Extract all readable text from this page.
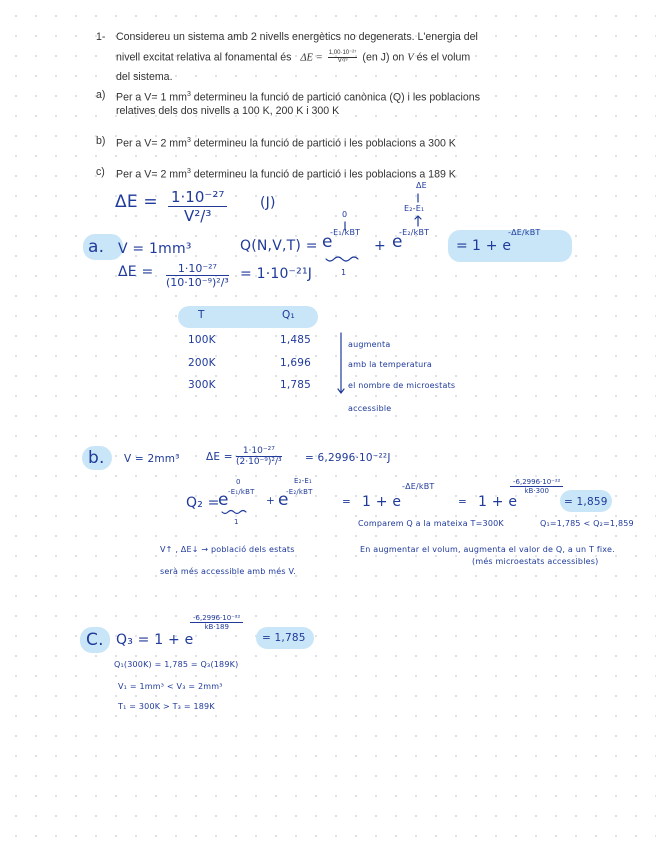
1- Considereu un sistema amb 2 nivells energètics no degenerats. L'energia del
nivell excitat relativa al fonamental és $\Delta E = \frac{\text{1,00·10⁻²⁷}}{\text{V²/³}} (en$ J) on V és el volum
del sistema.
a) Per a V= 1 $mm^3$ determineu la funció de partició canònica (Q) i les poblacions
relatives dels dos nivells a 100 K, 200 K i 300 K
b) Per a V= 2 $mm^3$ determineu la funció de partició i les poblacions a 300 K
c) Per a V= 2 $mm^3$ determineu la funció de partició i les poblacions a 189 K
$\Delta E = \frac{\text{1·10⁻²⁷}}{\text{V²/³}} (J)$
a. V = 1mm³	Q(N,V,T) = e
-E₁/kBT
0
+ e
-E₂/kBT
ΔE
E₂-E₁
= 1 + e
-ΔE/kBT
1
$\Delta E = \frac{\text{1·10⁻²⁷}}{\text{(10·10⁻⁹)²/³}} = 1\cdot 10^{-21}J$
T	Q₁
100K	1,485
200K	1,696
300K	1,785
augmenta
amb la temperatura
el nombre de microestats
accessible
b. V = 2mm³	$\Delta E = \frac{\text{1·10⁻²⁷}}{\text{(2·10⁻⁹)²/³}} = 6,2996\cdot 10^{-22}J$
Q₂ =
e -E₁/kBT
0
+ e
-E₂/kBT
E₂-E₁
= 1 + e
-ΔE/kBT
= 1 + e
$\frac{\text{-6,2996·10⁻²²}}{kB\cdot 300}$
= 1,859
1	Comparem Q a la mateixa T=300K	Q₁=1,785 < Q₂=1,859
V↑ , ΔE↓ → població dels estats
serà més accessible amb més V.
En augmentar el volum, augmenta el valor de Q, a un T fixe.
(més microestats accessibles)
C. Q₃ = 1 + e
$\frac{\text{-6,2996·10⁻²²}}{kB\cdot 189}$
= 1,785
Q₁(300K) = 1,785 = Q₃(189K)
V₁ = 1mm³ < V₃ = 2mm³
T₁ = 300K > T₃ = 189K
